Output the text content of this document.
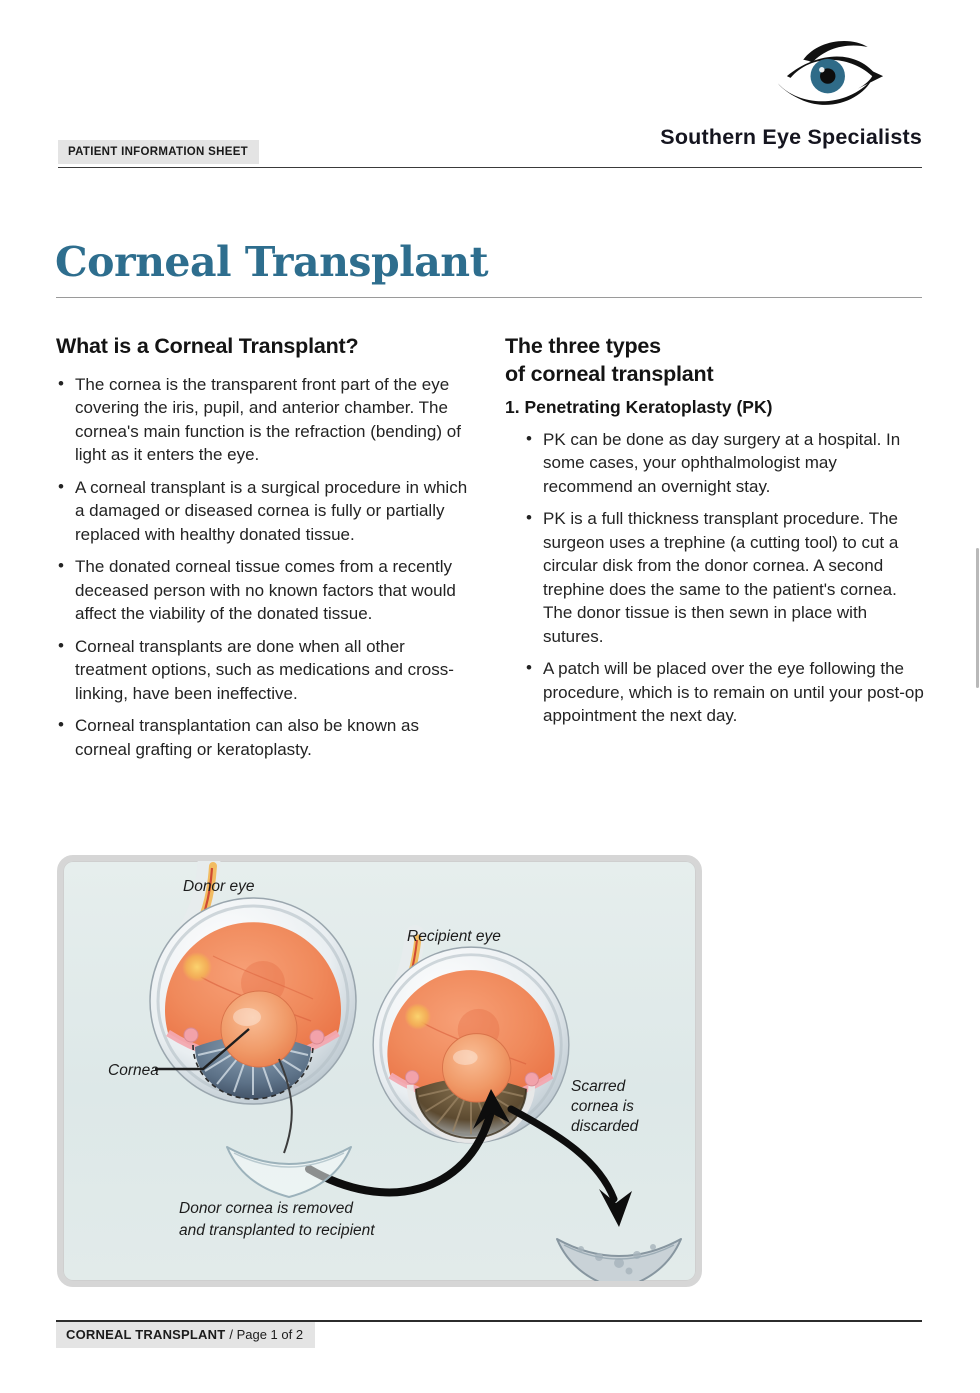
Southern Eye Specialists
PATIENT INFORMATION SHEET
Corneal Transplant
What is a Corneal Transplant?
• The cornea is the transparent front part of the eye covering the iris, pupil, and anterior chamber. The cornea's main function is the refraction (bending) of light as it enters the eye.
• A corneal transplant is a surgical procedure in which a damaged or diseased cornea is fully or partially replaced with healthy donated tissue.
• The donated corneal tissue comes from a recently deceased person with no known factors that would affect the viability of the donated tissue.
• Corneal transplants are done when all other treatment options, such as medications and cross-linking, have been ineffective.
• Corneal transplantation can also be known as corneal grafting or keratoplasty.
The three types
of corneal transplant
1. Penetrating Keratoplasty (PK)
• PK can be done as day surgery at a hospital. In some cases, your ophthalmologist may recommend an overnight stay.
• PK is a full thickness transplant procedure. The surgeon uses a trephine (a cutting tool) to cut a circular disk from the donor cornea. A second trephine does the same to the patient's cornea. The donor tissue is then sewn in place with sutures.
• A patch will be placed over the eye following the procedure, which is to remain on until your post-op appointment the next day.
Donor eye
Recipient eye
Cornea
Scarred cornea is discarded
Donor cornea is removed and transplanted to recipient
CORNEAL TRANSPLANT / Page 1 of 2
